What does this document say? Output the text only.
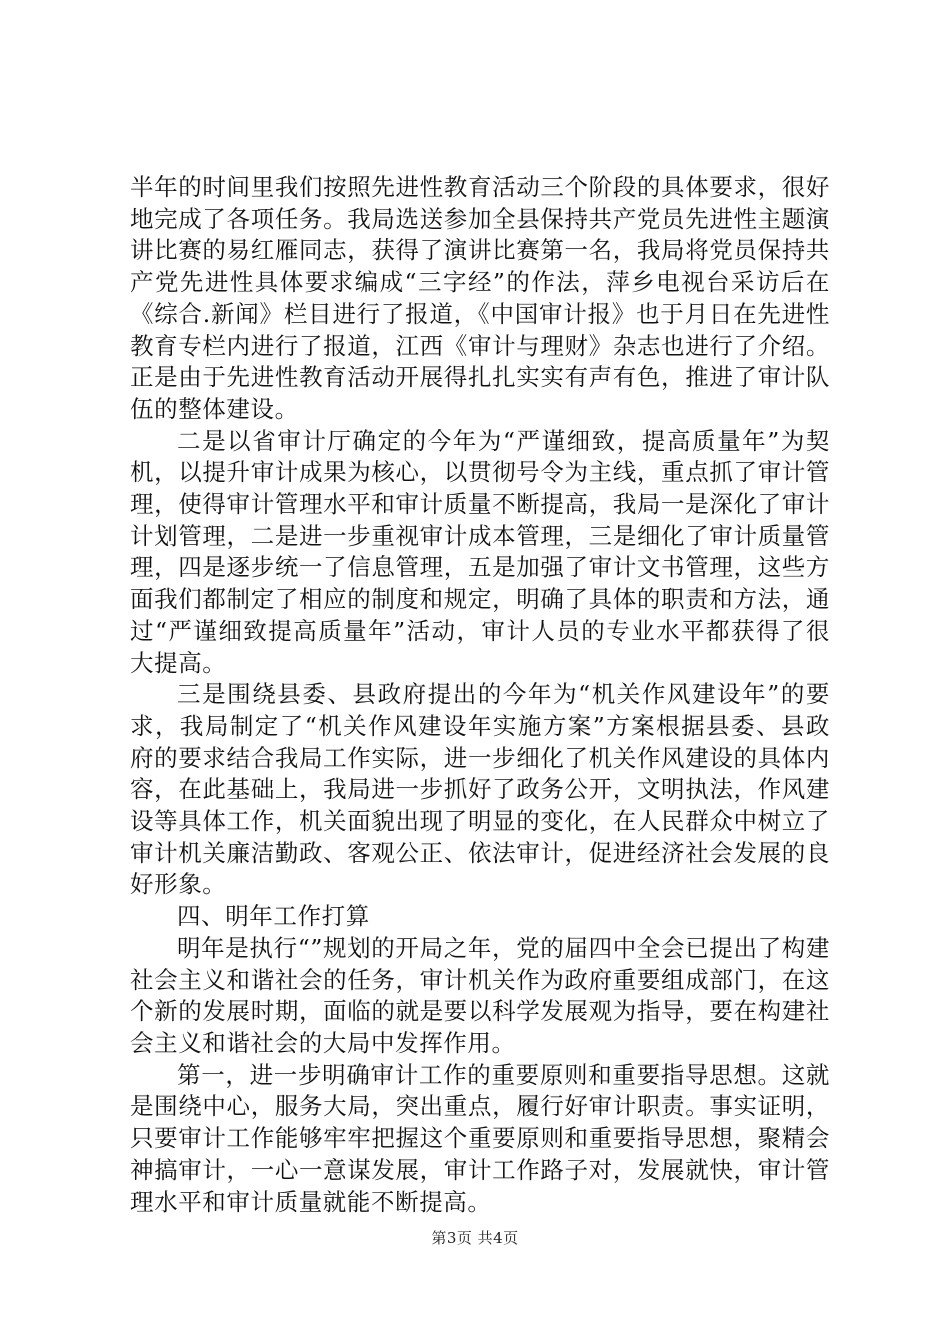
半年的时间里我们按照先进性教育活动三个阶段的具体要求，很好地完成了各项任务。我局选送参加全县保持共产党员先进性主题演讲比赛的易红雁同志，获得了演讲比赛第一名，我局将党员保持共产党先进性具体要求编成“三字经”的作法，萍乡电视台采访后在《综合.新闻》栏目进行了报道，《中国审计报》也于月日在先进性教育专栏内进行了报道，江西《审计与理财》杂志也进行了介绍。正是由于先进性教育活动开展得扎扎实实有声有色，推进了审计队伍的整体建设。

二是以省审计厅确定的今年为“严谨细致，提高质量年”为契机，以提升审计成果为核心，以贯彻号令为主线，重点抓了审计管理，使得审计管理水平和审计质量不断提高，我局一是深化了审计计划管理，二是进一步重视审计成本管理，三是细化了审计质量管理，四是逐步统一了信息管理，五是加强了审计文书管理，这些方面我们都制定了相应的制度和规定，明确了具体的职责和方法，通过“严谨细致提高质量年”活动，审计人员的专业水平都获得了很大提高。

三是围绕县委、县政府提出的今年为“机关作风建设年”的要求，我局制定了“机关作风建设年实施方案”方案根据县委、县政府的要求结合我局工作实际，进一步细化了机关作风建设的具体内容，在此基础上，我局进一步抓好了政务公开，文明执法，作风建设等具体工作，机关面貌出现了明显的变化，在人民群众中树立了审计机关廉洁勤政、客观公正、依法审计，促进经济社会发展的良好形象。

四、明年工作打算

明年是执行“”规划的开局之年，党的届四中全会已提出了构建社会主义和谐社会的任务，审计机关作为政府重要组成部门，在这个新的发展时期，面临的就是要以科学发展观为指导，要在构建社会主义和谐社会的大局中发挥作用。

第一，进一步明确审计工作的重要原则和重要指导思想。这就是围绕中心，服务大局，突出重点，履行好审计职责。事实证明，只要审计工作能够牢牢把握这个重要原则和重要指导思想，聚精会神搞审计，一心一意谋发展，审计工作路子对，发展就快，审计管理水平和审计质量就能不断提高。

第3页 共4页
